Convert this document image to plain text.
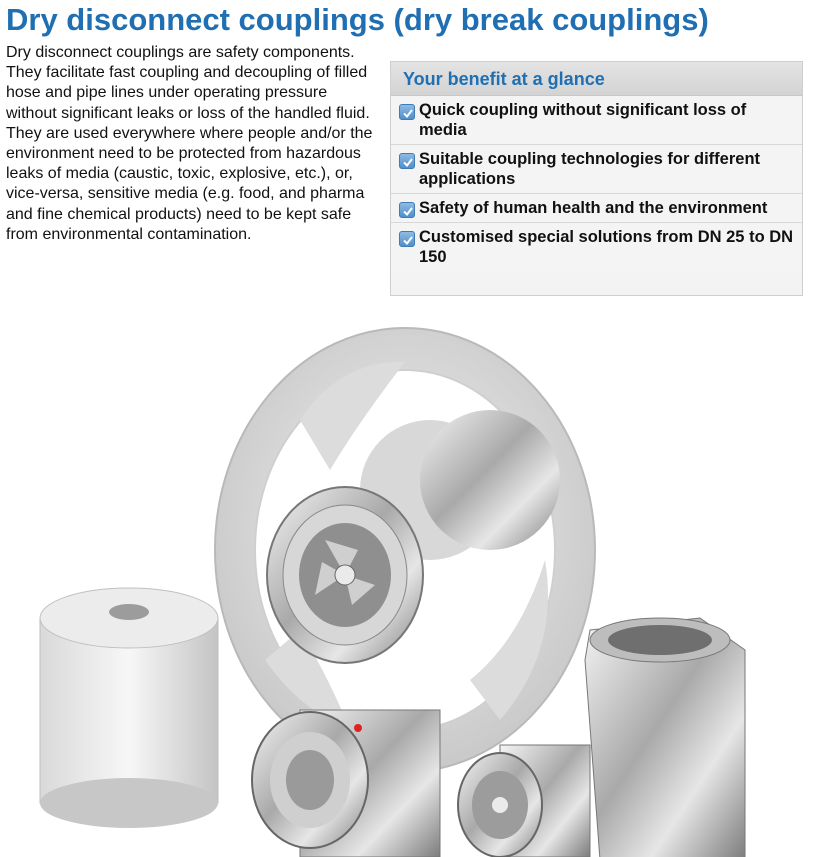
Dry disconnect couplings (dry break couplings)

Dry disconnect couplings are safety components. They facilitate fast coupling and decoupling of filled hose and pipe lines under operating pressure without significant leaks or loss of the handled fluid. They are used everywhere where people and/or the environment need to be protected from hazardous leaks of media (caustic, toxic, explosive, etc.), or, vice-versa, sensitive media (e.g. food, and pharma and fine chemical products) need to be kept safe from environmental contamination.

Your benefit at a glance
Quick coupling without significant loss of media
Suitable coupling technologies for different applications
Safety of human health and the environment
Customised special solutions from DN 25 to DN 150
